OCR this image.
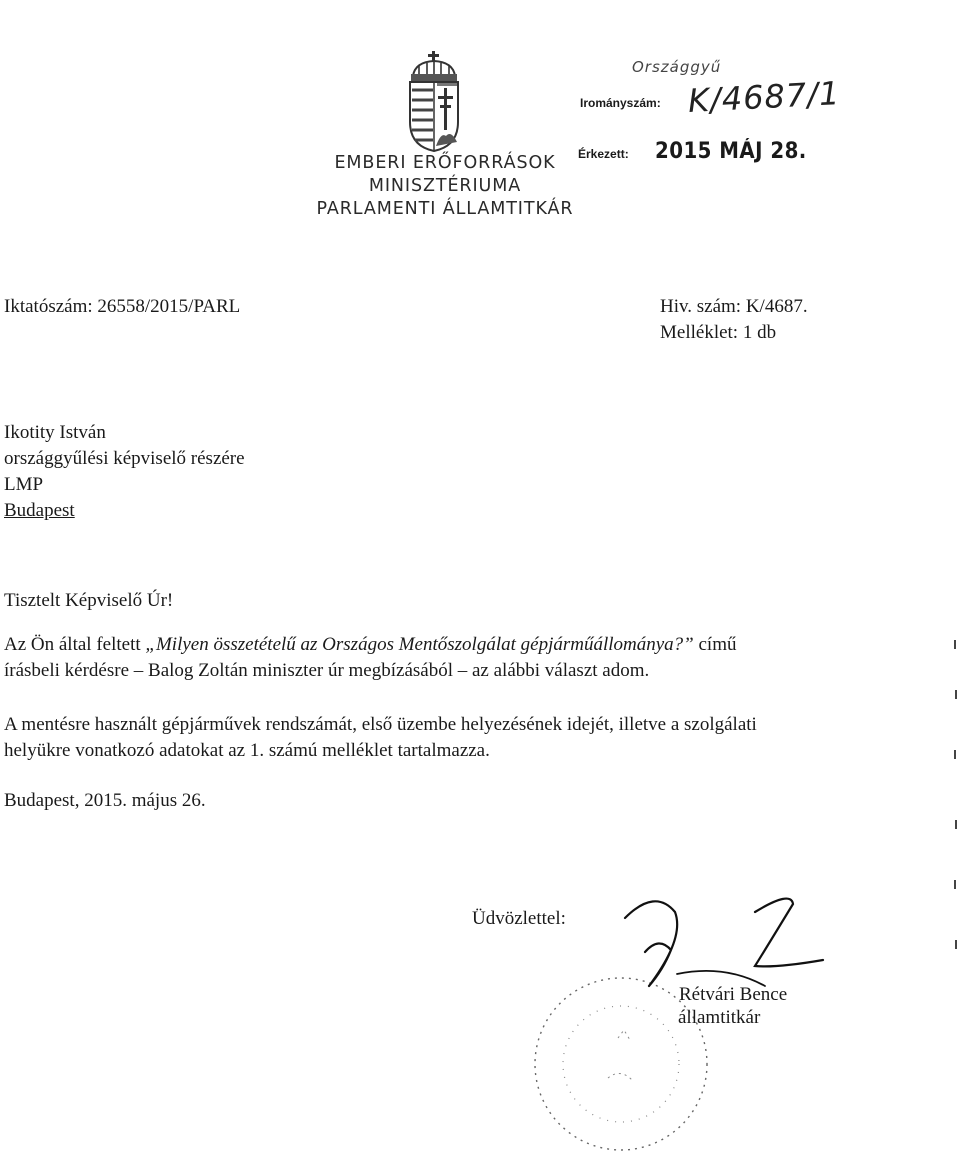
EMBERI ERŐFORRÁSOK
MINISZTÉRIUMA
PARLAMENTI ÁLLAMTITKÁR
Országgyű
Irományszám: K/4687/1
Érkezett: 2015 MÁJ 28.
Iktatószám: 26558/2015/PARL	Hiv. szám: K/4687.
Melléklet: 1 db
Ikotity István
országgyűlési képviselő részére
LMP
Budapest
Tisztelt Képviselő Úr!
Az Ön által feltett „Milyen összetételű az Országos Mentőszolgálat gépjárműállománya?” című
írásbeli kérdésre – Balog Zoltán miniszter úr megbízásából – az alábbi választ adom.
A mentésre használt gépjárművek rendszámát, első üzembe helyezésének idejét, illetve a szolgálati
helyükre vonatkozó adatokat az 1. számú melléklet tartalmazza.
Budapest, 2015. május 26.
Üdvözlettel:
Rétvári Bence
államtitkár
